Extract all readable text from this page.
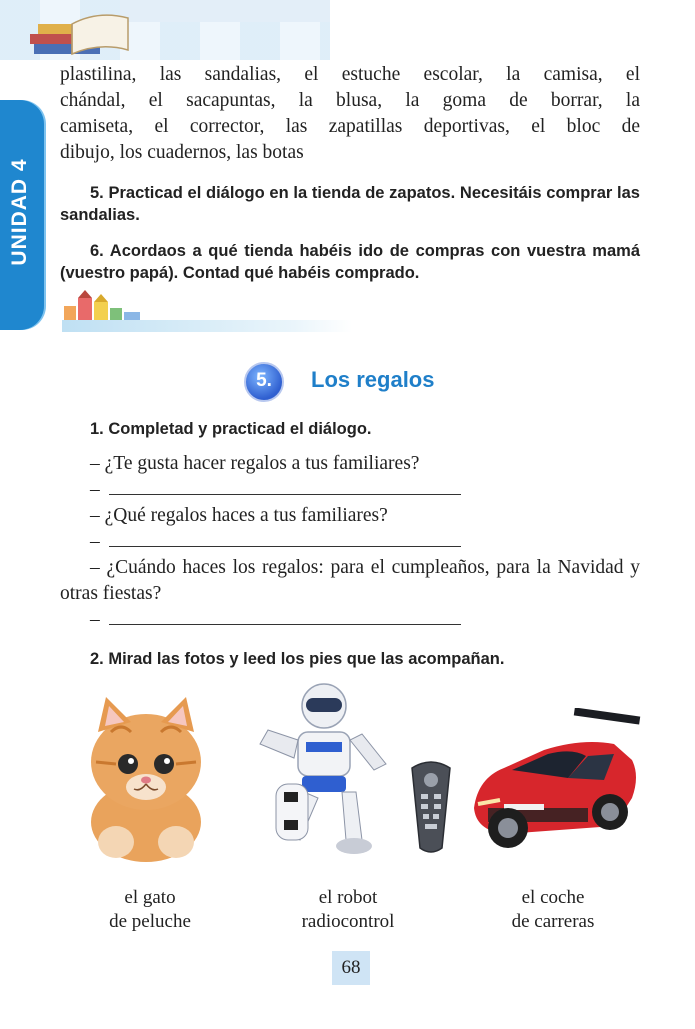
UNIDAD 4
plastilina, las sandalias, el estuche escolar, la camisa, el
chándal, el sacapuntas, la blusa, la goma de borrar, la
camiseta, el corrector, las zapatillas deportivas, el bloc de
dibujo, los cuadernos, las botas
5. Practicad el diálogo en la tienda de zapatos. Necesitáis comprar las sandalias.
6. Acordaos a qué tienda habéis ido de compras con vuestra mamá (vuestro papá). Contad qué habéis comprado.
5.	Los regalos
1. Completad y practicad el diálogo.
– ¿Te gusta hacer regalos a tus familiares?
–
– ¿Qué regalos haces a tus familiares?
–
– ¿Cuándo haces los regalos: para el cumpleaños, para la Navidad y otras fiestas?
–
2. Mirad las fotos y leed los pies que las acompañan.
el gato
de peluche
el robot
radiocontrol
el coche
de carreras
68
